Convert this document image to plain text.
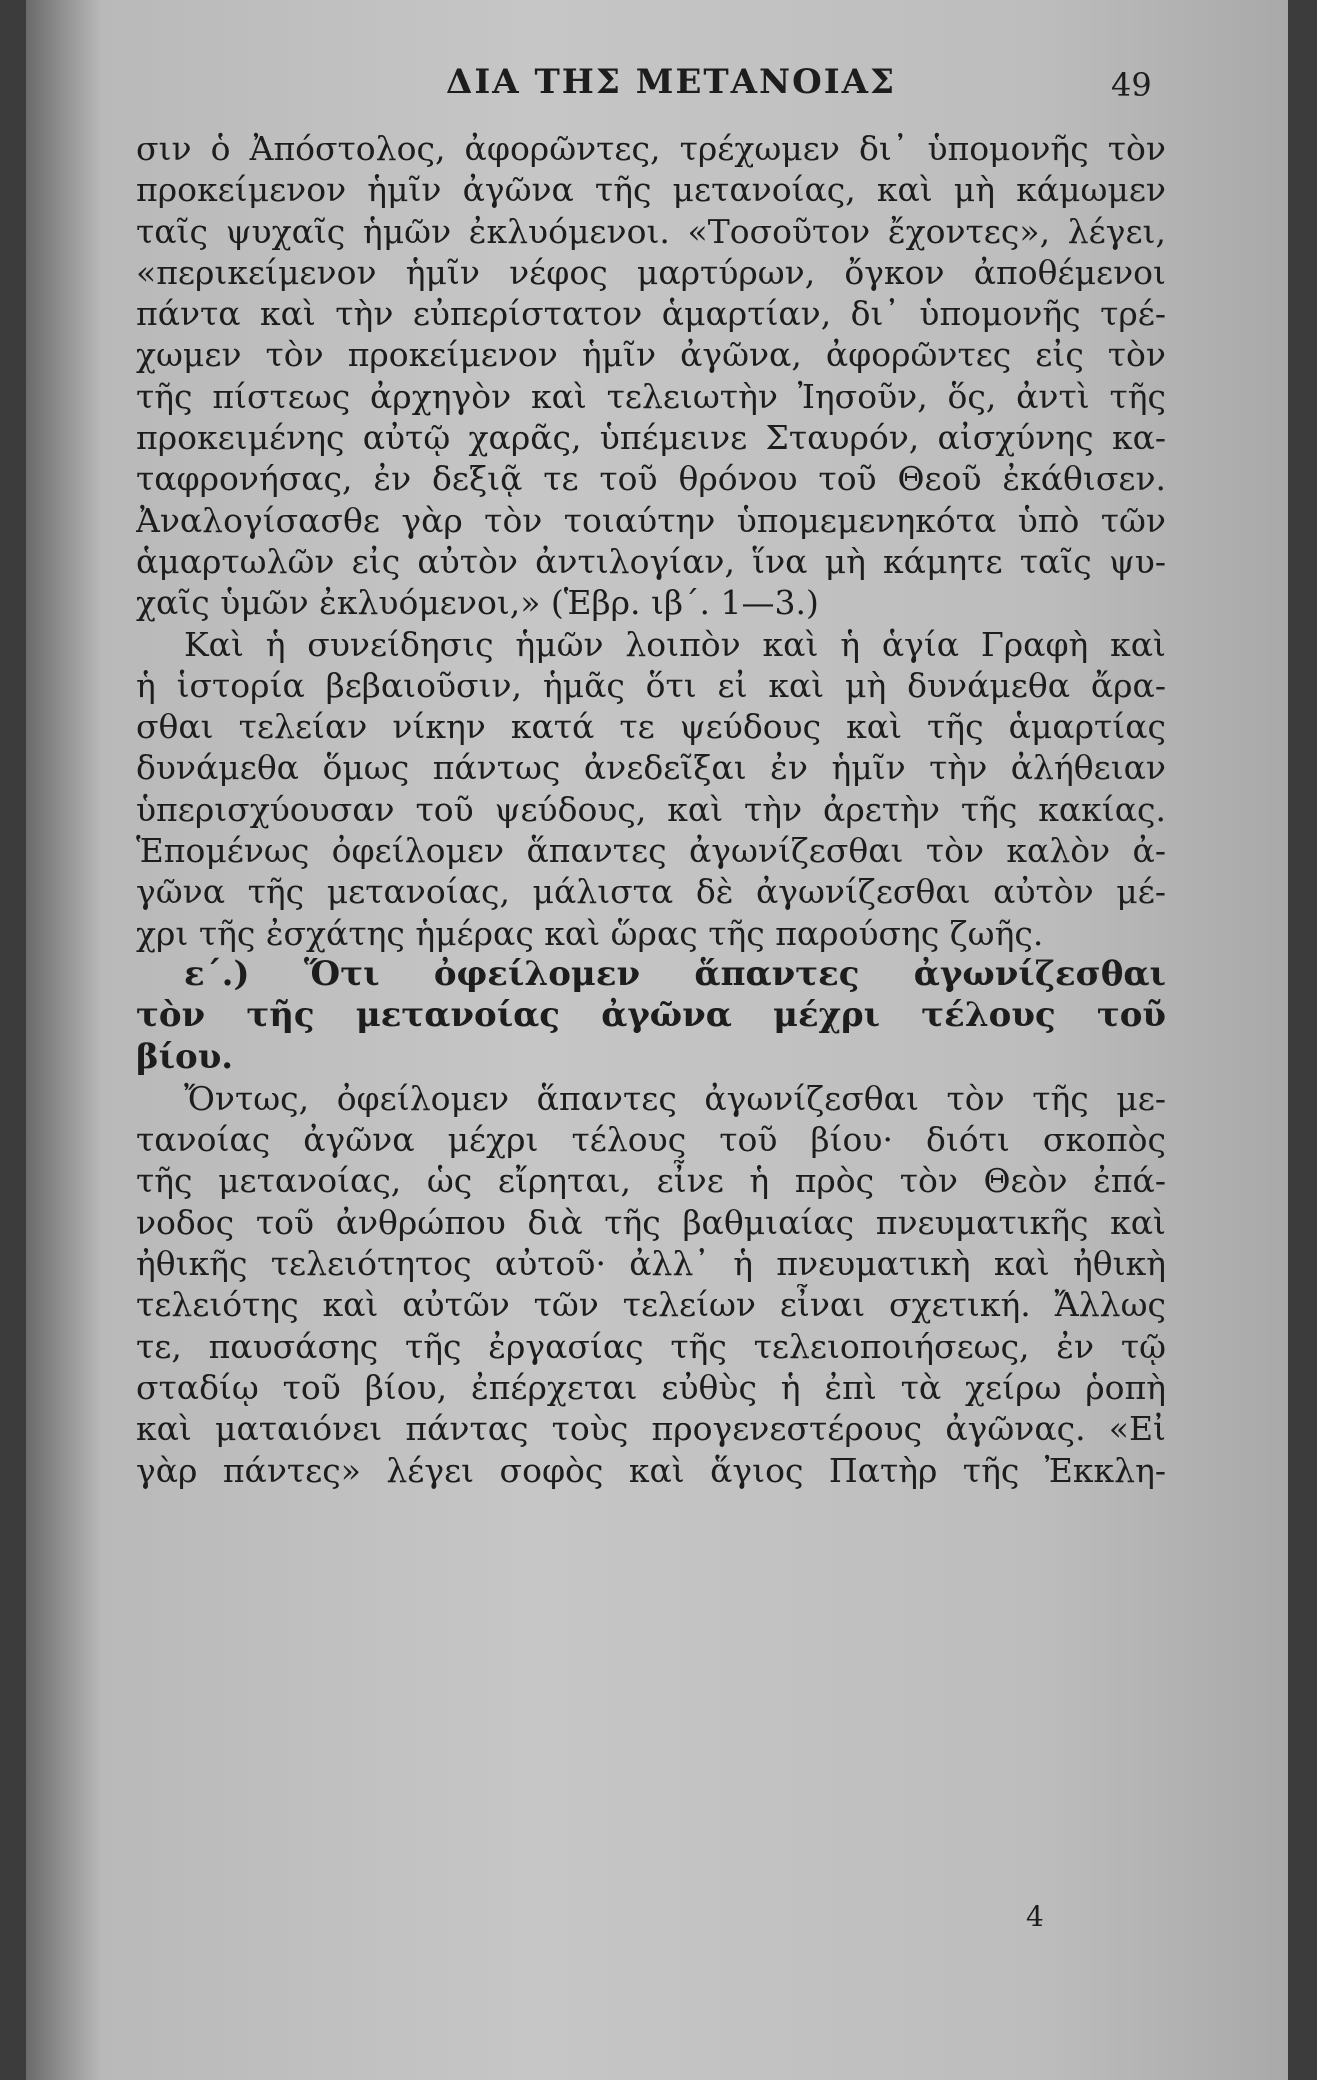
ΔΙΑ ΤΗΣ ΜΕΤΑΝΟΙΑΣ	49
σιν ὁ Ἀπόστολος, ἀφορῶντες, τρέχωμεν δι᾽ ὑπομονῆς τὸν
προκείμενον ἡμῖν ἀγῶνα τῆς μετανοίας, καὶ μὴ κάμωμεν
ταῖς ψυχαῖς ἡμῶν ἐκλυόμενοι. «Τοσοῦτον ἔχοντες», λέγει,
«περικείμενον ἡμῖν νέφος μαρτύρων, ὄγκον ἀποθέμενοι
πάντα καὶ τὴν εὐπερίστατον ἁμαρτίαν, δι᾽ ὑπομονῆς τρέ-
χωμεν τὸν προκείμενον ἡμῖν ἀγῶνα, ἀφορῶντες εἰς τὸν
τῆς πίστεως ἀρχηγὸν καὶ τελειωτὴν Ἰησοῦν, ὅς, ἀντὶ τῆς
προκειμένης αὐτῷ χαρᾶς, ὑπέμεινε Σταυρόν, αἰσχύνης κα-
ταφρονήσας, ἐν δεξιᾷ τε τοῦ θρόνου τοῦ Θεοῦ ἐκάθισεν.
Ἀναλογίσασθε γὰρ τὸν τοιαύτην ὑπομεμενηκότα ὑπὸ τῶν
ἁμαρτωλῶν εἰς αὐτὸν ἀντιλογίαν, ἵνα μὴ κάμητε ταῖς ψυ-
χαῖς ὑμῶν ἐκλυόμενοι,» (Ἑβρ. ιβ΄. 1—3.)
Καὶ ἡ συνείδησις ἡμῶν λοιπὸν καὶ ἡ ἁγία Γραφὴ καὶ
ἡ ἱστορία βεβαιοῦσιν, ἡμᾶς ὅτι εἰ καὶ μὴ δυνάμεθα ἄρα-
σθαι τελείαν νίκην κατά τε ψεύδους καὶ τῆς ἁμαρτίας
δυνάμεθα ὅμως πάντως ἀνεδεῖξαι ἐν ἡμῖν τὴν ἀλήθειαν
ὑπερισχύουσαν τοῦ ψεύδους, καὶ τὴν ἀρετὴν τῆς κακίας.
Ἑπομένως ὀφείλομεν ἅπαντες ἀγωνίζεσθαι τὸν καλὸν ἀ-
γῶνα τῆς μετανοίας, μάλιστα δὲ ἀγωνίζεσθαι αὐτὸν μέ-
χρι τῆς ἐσχάτης ἡμέρας καὶ ὥρας τῆς παρούσης ζωῆς.
ε΄.) Ὅτι ὀφείλομεν ἅπαντες ἀγωνίζεσθαι
τὸν τῆς μετανοίας ἀγῶνα μέχρι τέλους τοῦ
βίου.
Ὄντως, ὀφείλομεν ἅπαντες ἀγωνίζεσθαι τὸν τῆς με-
τανοίας ἀγῶνα μέχρι τέλους τοῦ βίου· διότι σκοπὸς
τῆς μετανοίας, ὡς εἴρηται, εἶνε ἡ πρὸς τὸν Θεὸν ἐπά-
νοδος τοῦ ἀνθρώπου διὰ τῆς βαθμιαίας πνευματικῆς καὶ
ἠθικῆς τελειότητος αὐτοῦ· ἀλλ᾽ ἡ πνευματικὴ καὶ ἠθικὴ
τελειότης καὶ αὐτῶν τῶν τελείων εἶναι σχετική. Ἄλλως
τε, παυσάσης τῆς ἐργασίας τῆς τελειοποιήσεως, ἐν τῷ
σταδίῳ τοῦ βίου, ἐπέρχεται εὐθὺς ἡ ἐπὶ τὰ χείρω ῥοπὴ
καὶ ματαιόνει πάντας τοὺς προγενεστέρους ἀγῶνας. «Εἰ
γὰρ πάντες» λέγει σοφὸς καὶ ἅγιος Πατὴρ τῆς Ἐκκλη-
4
